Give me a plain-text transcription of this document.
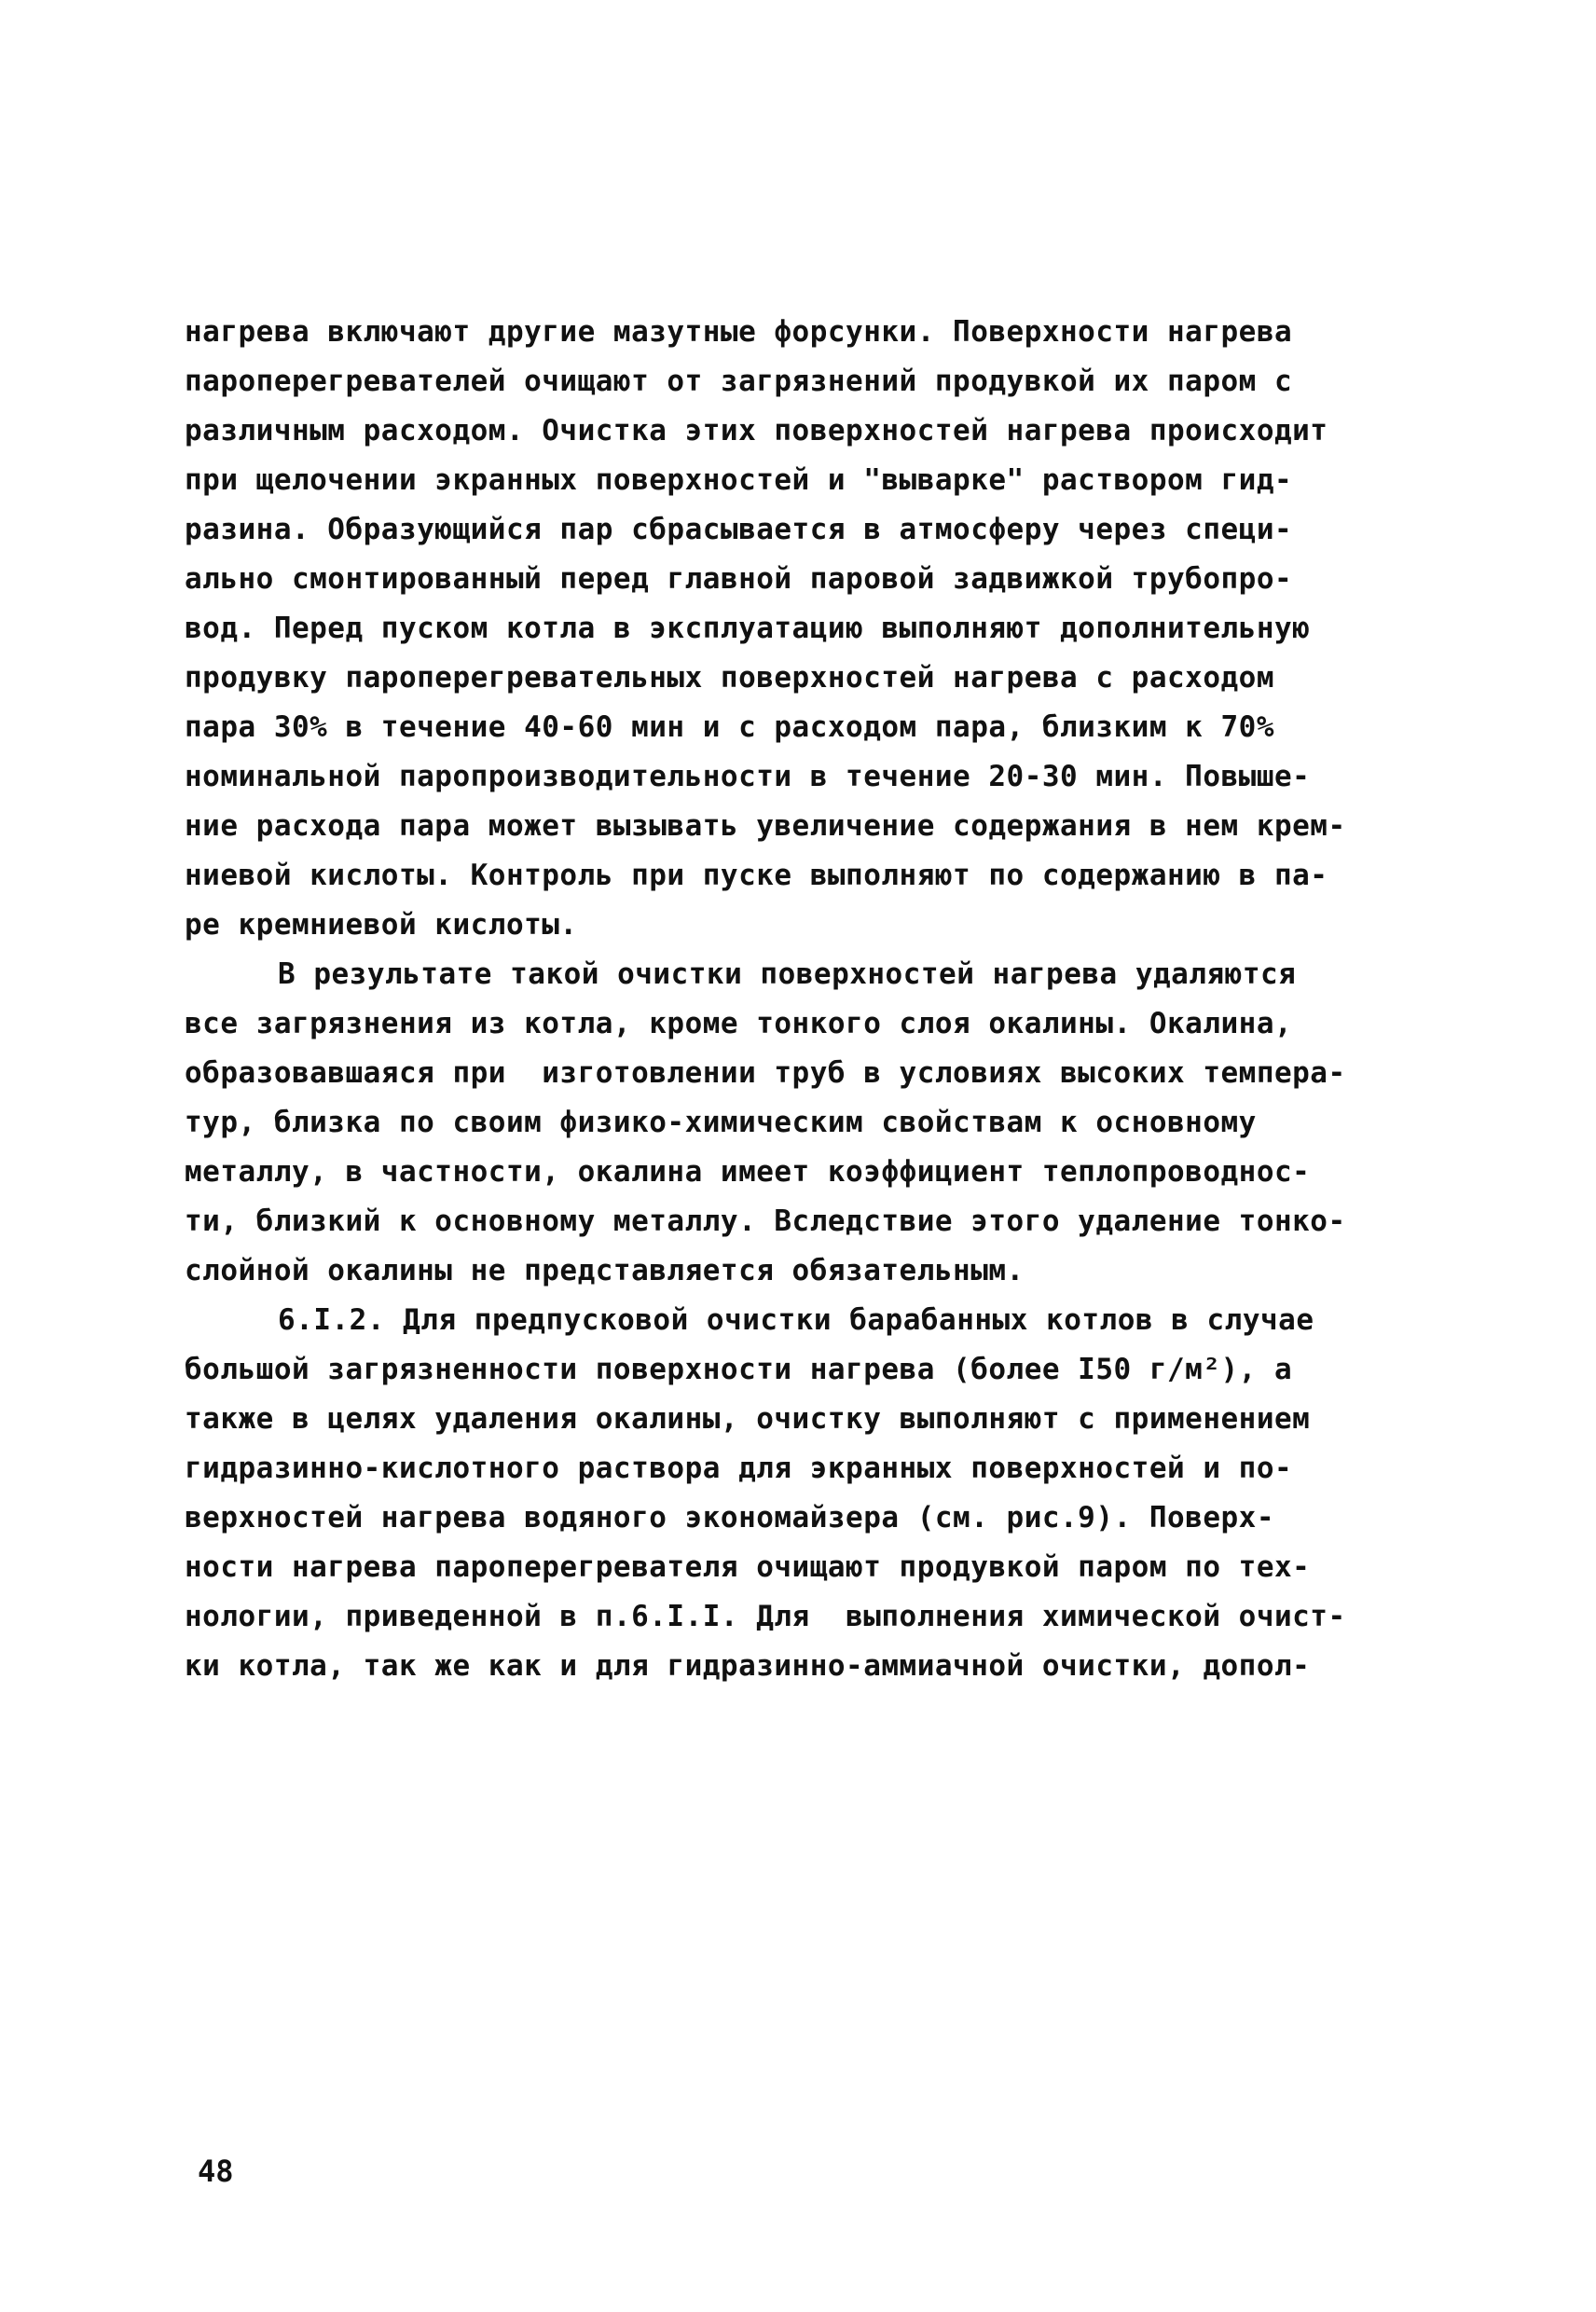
нагрева включают другие мазутные форсунки. Поверхности нагрева
пароперегревателей очищают от загрязнений продувкой их паром с
различным расходом. Очистка этих поверхностей нагрева происходит
при щелочении экранных поверхностей и "выварке" раствором гид-
разина. Образующийся пар сбрасывается в атмосферу через специ-
ально смонтированный перед главной паровой задвижкой трубопро-
вод. Перед пуском котла в эксплуатацию выполняют дополнительную
продувку пароперегревательных поверхностей нагрева с расходом
пара 30% в течение 40-60 мин и с расходом пара, близким к 70%
номинальной паропроизводительности в течение 20-30 мин. Повыше-
ние расхода пара может вызывать увеличение содержания в нем крем-
ниевой кислоты. Контроль при пуске выполняют по содержанию в па-
ре кремниевой кислоты.
В результате такой очистки поверхностей нагрева удаляются
все загрязнения из котла, кроме тонкого слоя окалины. Окалина,
образовавшаяся при  изготовлении труб в условиях высоких темпера-
тур, близка по своим физико-химическим свойствам к основному
металлу, в частности, окалина имеет коэффициент теплопроводнос-
ти, близкий к основному металлу. Вследствие этого удаление тонко-
слойной окалины не представляется обязательным.
6.I.2. Для предпусковой очистки барабанных котлов в случае
большой загрязненности поверхности нагрева (более I50 г/м²), а
также в целях удаления окалины, очистку выполняют с применением
гидразинно-кислотного раствора для экранных поверхностей и по-
верхностей нагрева водяного экономайзера (см. рис.9). Поверх-
ности нагрева пароперегревателя очищают продувкой паром по тех-
нологии, приведенной в п.6.I.I. Для  выполнения химической очист-
ки котла, так же как и для гидразинно-аммиачной очистки, допол-
48
